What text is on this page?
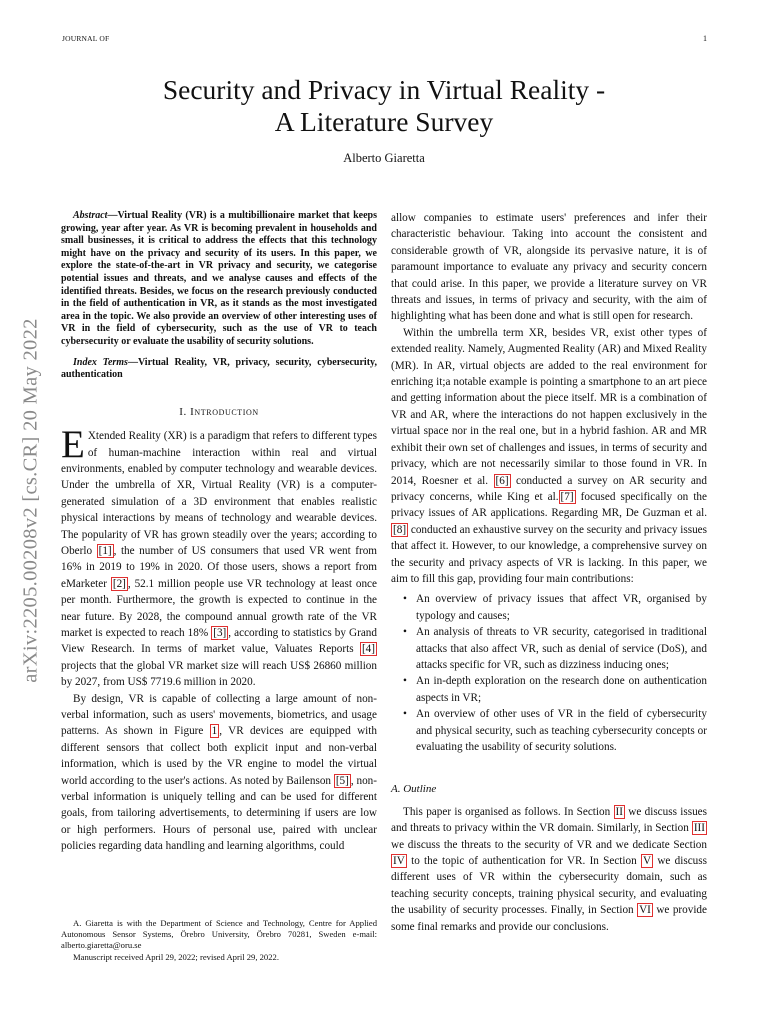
JOURNAL OF	1
Security and Privacy in Virtual Reality -
A Literature Survey
Alberto Giaretta
arXiv:2205.00208v2 [cs.CR] 20 May 2022

Abstract—Virtual Reality (VR) is a multibillionaire market that keeps growing, year after year. As VR is becoming prevalent in households and small businesses, it is critical to address the effects that this technology might have on the privacy and security of its users. In this paper, we explore the state-of-the-art in VR privacy and security, we categorise potential issues and threats, and we analyse causes and effects of the identified threats. Besides, we focus on the research previously conducted in the field of authentication in VR, as it stands as the most investigated area in the topic. We also provide an overview of other interesting uses of VR in the field of cybersecurity, such as the use of VR to teach cybersecurity or evaluate the usability of security solutions.

Index Terms—Virtual Reality, VR, privacy, security, cybersecurity, authentication

I. Introduction

E Xtended Reality (XR) is a paradigm that refers to different types of human-machine interaction within real and virtual environments, enabled by computer technology and wearable devices. Under the umbrella of XR, Virtual Reality (VR) is a computer-generated simulation of a 3D environment that enables realistic physical interactions by means of technology and wearable devices. The popularity of VR has grown steadily over the years; according to Oberlo [1] , the number of US consumers that used VR went from 16% in 2019 to 19% in 2020. Of those users, shows a report from eMarketer [2] , 52.1 million people use VR technology at least once per month. Furthermore, the growth is expected to continue in the near future. By 2028, the compound annual growth rate of the VR market is expected to reach 18% [3] , according to statistics by Grand View Research. In terms of market value, Valuates Reports [4] projects that the global VR market size will reach US$ 26860 million by 2027, from US$ 7719.6 million in 2020.

By design, VR is capable of collecting a large amount of non-verbal information, such as users' movements, biometrics, and usage patterns. As shown in Figure 1 , VR devices are equipped with different sensors that collect both explicit input and non-verbal information, which is used by the VR engine to model the virtual world according to the user's actions. As noted by Bailenson [5] , non-verbal information is uniquely telling and can be used for different goals, from tailoring advertisements, to determining if users are low or high performers. Hours of personal use, paired with unclear policies regarding data handling and learning algorithms, could

A. Giaretta is with the Department of Science and Technology, Centre for Applied Autonomous Sensor Systems, Örebro University, Örebro 70281, Sweden e-mail: alberto.giaretta@oru.se

Manuscript received April 29, 2022; revised April 29, 2022.

allow companies to estimate users' preferences and infer their characteristic behaviour. Taking into account the consistent and considerable growth of VR, alongside its pervasive nature, it is of paramount importance to evaluate any privacy and security concern that could arise. In this paper, we provide a literature survey on VR threats and issues, in terms of privacy and security, with the aim of highlighting what has been done and what is still open for research.

Within the umbrella term XR, besides VR, exist other types of extended reality. Namely, Augmented Reality (AR) and Mixed Reality (MR). In AR, virtual objects are added to the real environment for enriching it;a notable example is pointing a smartphone to an art piece and getting information about the piece itself. MR is a combination of VR and AR, where the interactions do not happen exclusively in the virtual space nor in the real one, but in a hybrid fashion. AR and MR exhibit their own set of challenges and issues, in terms of security and privacy, which are not necessarily similar to those found in VR. In 2014, Roesner et al. [6] conducted a survey on AR security and privacy concerns, while King et al. [7] focused specifically on the privacy issues of AR applications. Regarding MR, De Guzman et al. [8] conducted an exhaustive survey on the security and privacy issues that affect it. However, to our knowledge, a comprehensive survey on the security and privacy aspects of VR is lacking. In this paper, we aim to fill this gap, providing four main contributions:

• An overview of privacy issues that affect VR, organised by typology and causes;
• An analysis of threats to VR security, categorised in traditional attacks that also affect VR, such as denial of service (DoS), and attacks specific for VR, such as dizziness inducing ones;
• An in-depth exploration on the research done on authentication aspects in VR;
• An overview of other uses of VR in the field of cybersecurity and physical security, such as teaching cybersecurity concepts or evaluating the usability of security solutions.
A. Outline

This paper is organised as follows. In Section II we discuss issues and threats to privacy within the VR domain. Similarly, in Section III we discuss the threats to the security of VR and we dedicate Section IV to the topic of authentication for VR. In Section V we discuss different uses of VR within the cybersecurity domain, such as teaching security concepts, training physical security, and evaluating the usability of security processes. Finally, in Section VI we provide some final remarks and provide our conclusions.
